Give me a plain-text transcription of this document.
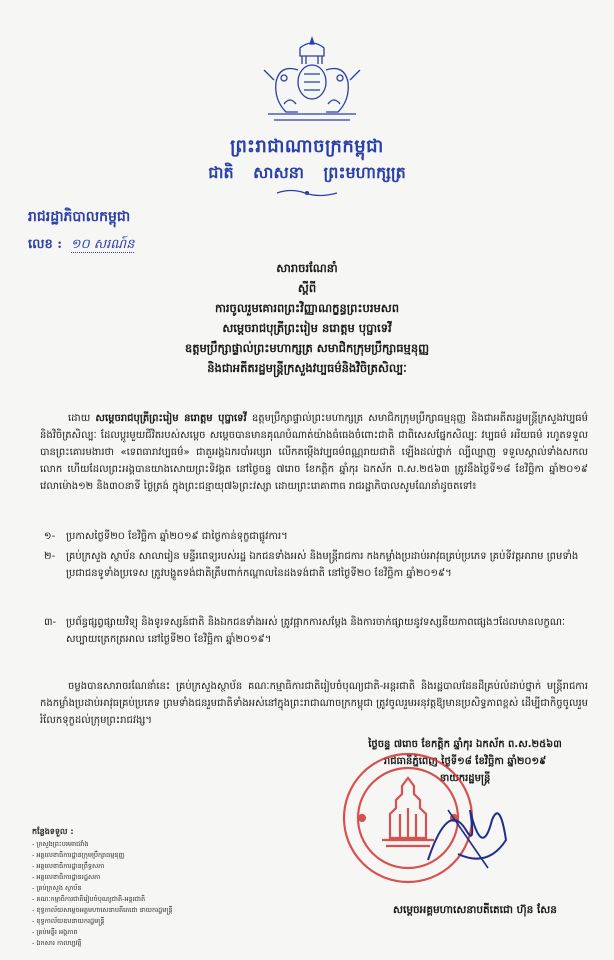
ព្រះរាជាណាចក្រកម្ពុជា
ជាតិ សាសនា ព្រះមហាក្សត្រ
រាជរដ្ឋាភិបាលកម្ពុជា
លេខ : ១០ សរណ៍ន
សារាចរណែនាំ
ស្តីពី
ការចូលរួមគោរពព្រះវិញ្ញាណក្ខន្ធព្រះបរមសព
សម្តេចរាជបុត្រីព្រះរៀម នរោត្តម បុប្ផាទេវី
ឧត្តមប្រឹក្សាផ្ទាល់ព្រះមហាក្សត្រ សមាជិកក្រុមប្រឹក្សាធម្មនុញ្ញ
និងជាអតីតរដ្ឋមន្ត្រីក្រសួងវប្បធម៌និងវិចិត្រសិល្បៈ
ដោយ សម្តេចរាជបុត្រីព្រះរៀម នរោត្តម បុប្ផាទេវី ឧត្តមប្រឹក្សាផ្ទាល់ព្រះមហាក្សត្រ សមាជិកក្រុមប្រឹក្សាធម្មនុញ្ញ និងជាអតីតរដ្ឋមន្ត្រីក្រសួងវប្បធម៌និងវិចិត្រសិល្បៈ ដែលប្តូរមួយជីវិតរបស់សម្តេច សម្តេចបានមានគុណបំណាត់យ៉ាងធំធេងចំពោះជាតិ ជាពិសេសផ្នែកសិល្បៈ វប្បធម៌ អរិយធម៌ រហូតទទួលបានព្រះគោរមងារថា «ទេពធារាវប្បធម៌» ជាតួអង្គឯករបាំអប្សរា លើកតម្កើងវប្បធម៌ពណ្ណរាយជាតិ ឡើងដល់ថ្នាក់ ល្បីល្បាញ ទទួលស្គាល់ទាំងសកលលោក ហើយដែលព្រះអង្គបានយាងសោយព្រះទិវង្គត នៅថ្ងៃចន្ទ ៧រោច ខែកត្តិក ឆ្នាំកុរ ឯកស័ក ព.ស.២៥៦៣ ត្រូវនឹងថ្ងៃទី១៨ ខែវិច្ឆិកា ឆ្នាំ២០១៩ វេលាម៉ោង១២ និង៣០នាទី ថ្ងៃត្រង់ ក្នុងព្រះជន្មាយុ៧៦ព្រះវស្សា ដោយព្រះរោគាពាធ រាជរដ្ឋាភិបាលសូមណែនាំដូចតទៅ៖
១- ប្រកាសថ្ងៃទី២០ ខែវិច្ឆិកា ឆ្នាំ២០១៩ ជាថ្ងៃកាន់ទុក្ខជាផ្លូវការ។
២- គ្រប់ក្រសួង ស្ថាប័ន សាលារៀន មន្ទីរពេទ្យរបស់រដ្ឋ ឯកជនទាំងអស់ និងមន្ត្រីរាជការ កងកម្លាំងប្រដាប់អាវុធគ្រប់ប្រភេទ គ្រប់ទីវត្តអារាម ព្រមទាំងប្រជាជនទូទាំងប្រទេស ត្រូវបង្ហូតទង់ជាតិត្រឹមពាក់កណ្តាលនៃដងទង់ជាតិ នៅថ្ងៃទី២០ ខែវិច្ឆិកា ឆ្នាំ២០១៩។
៣- ប្រព័ន្ធផ្សព្វផ្សាយវិទ្យុ និងទូរទស្សន៍ជាតិ និងឯកជនទាំងអស់ ត្រូវផ្អាកការសម្តែង និងការចាក់ផ្សាយនូវទស្សនីយភាពផ្សេងៗដែលមានលក្ខណៈសប្បាយត្រេកត្រអាល នៅថ្ងៃទី២០ ខែវិច្ឆិកា ឆ្នាំ២០១៩។
ចម្លងបានសារាចរណែនាំនេះ គ្រប់ក្រសួងស្ថាប័ន គណៈកម្មាធិការជាតិរៀបចំបុណ្យជាតិ-អន្តរជាតិ និងរដ្ឋបាលដែនដីគ្រប់លំដាប់ថ្នាក់ មន្ត្រីរាជការ កងកម្លាំងប្រដាប់អាវុធគ្រប់ប្រភេទ ព្រមទាំងជនរួមជាតិទាំងអស់នៅក្នុងព្រះរាជាណាចក្រកម្ពុជា ត្រូវចូលរួមអនុវត្តឱ្យមានប្រសិទ្ធភាពខ្ពស់ ដើម្បីជាកិច្ចចូលរួមរំលែកទុក្ខដល់ក្រុមព្រះរាជវង្ស។
ថ្ងៃចន្ទ ៧រោច ខែកត្តិក ឆ្នាំកុរ ឯកស័ក ព.ស.២៥៦៣
រាជធានីភ្នំពេញ ថ្ងៃទី១៨ ខែវិច្ឆិកា ឆ្នាំ២០១៩
នាយករដ្ឋមន្ត្រី
សម្តេចអគ្គមហាសេនាបតីតេជោ ហ៊ុន សែន
កន្លែងទទួល :
- ក្រសួងព្រះបរមរាជវាំង
- អគ្គលេខាធិការដ្ឋានក្រុមប្រឹក្សាធម្មនុញ្ញ
- អគ្គលេខាធិការដ្ឋានព្រឹទ្ធសភា
- អគ្គលេខាធិការដ្ឋានរដ្ឋសភា
- គ្រប់ក្រសួង ស្ថាប័ន
- គណៈកម្មាធិការជាតិរៀបចំបុណ្យជាតិ-អន្តរជាតិ
- ខុទ្ទកាល័យសម្តេចអគ្គមហាសេនាបតីតេជោ នាយករដ្ឋមន្ត្រី
- ខុទ្ទកាល័យឧបនាយករដ្ឋមន្ត្រី
- គ្រប់មន្ទីរ អង្គភាព
- ឯកសារ កាលប្បវត្តិ
